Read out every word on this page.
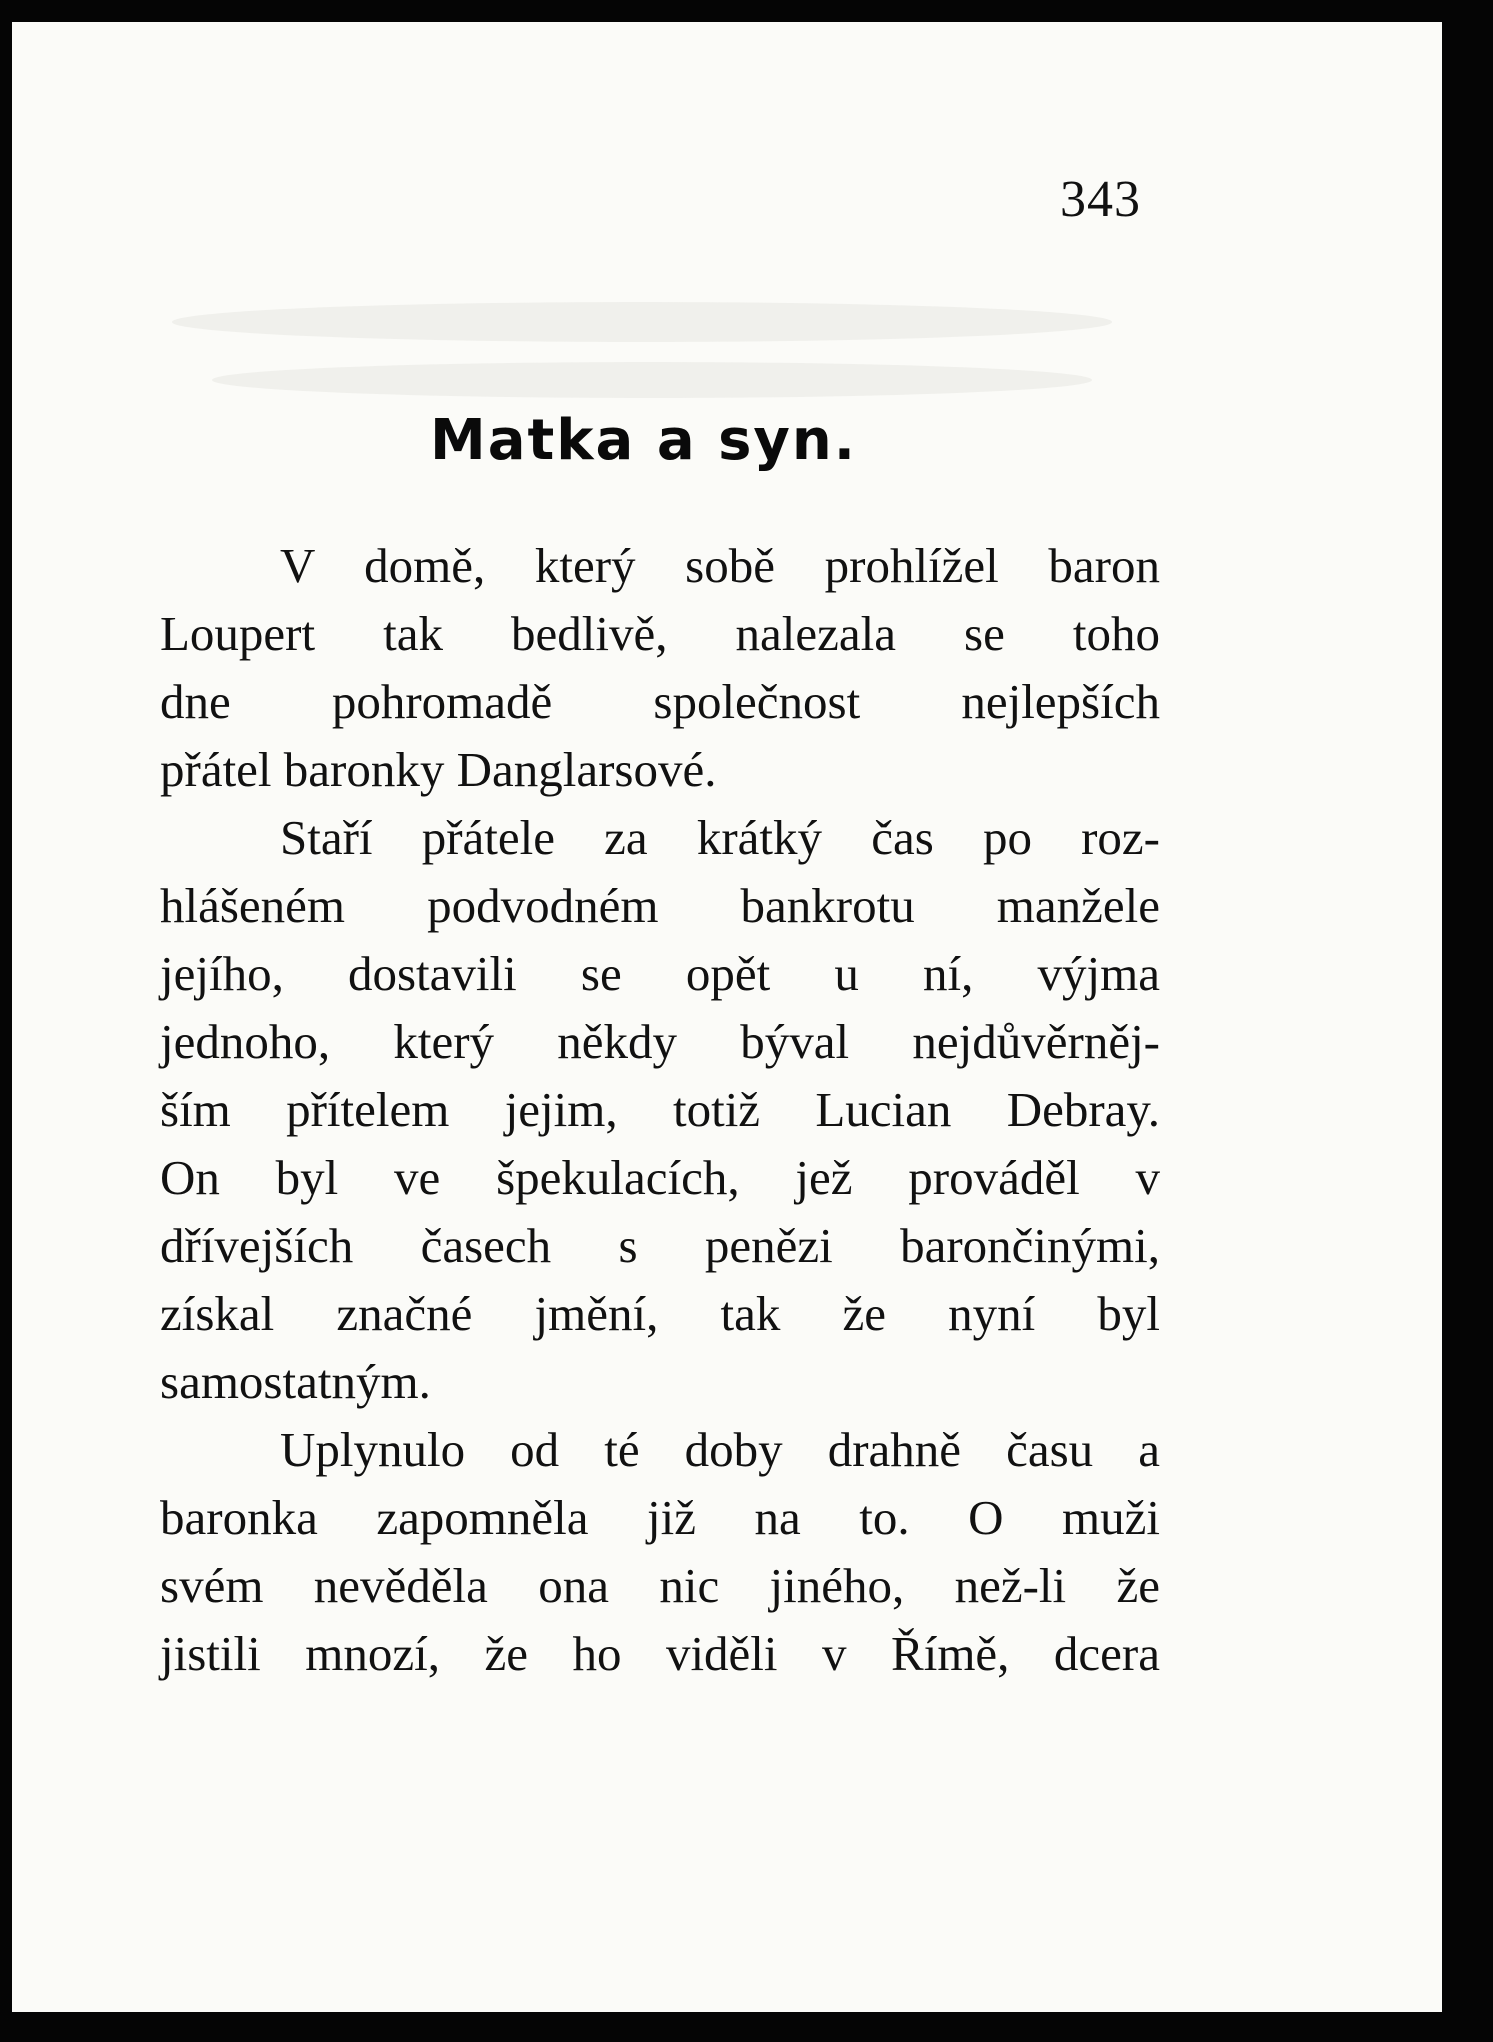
343
Matka a syn.
V domě, který sobě prohlížel baron
Loupert tak bedlivě, nalezala se toho
dne pohromadě společnost nejlepších
přátel baronky Danglarsové.
Staří přátele za krátký čas po roz-
hlášeném podvodném bankrotu manžele
jejího, dostavili se opět u ní, výjma
jednoho, který někdy býval nejdůvěrněj-
ším přítelem jejim, totiž Lucian Debray.
On byl ve špekulacích, jež prováděl v
dřívejších časech s penězi barončinými,
získal značné jmění, tak že nyní byl
samostatným.
Uplynulo od té doby drahně času a
baronka zapomněla již na to. O muži
svém nevěděla ona nic jiného, než-li že
jistili mnozí, že ho viděli v Římě, dcera
